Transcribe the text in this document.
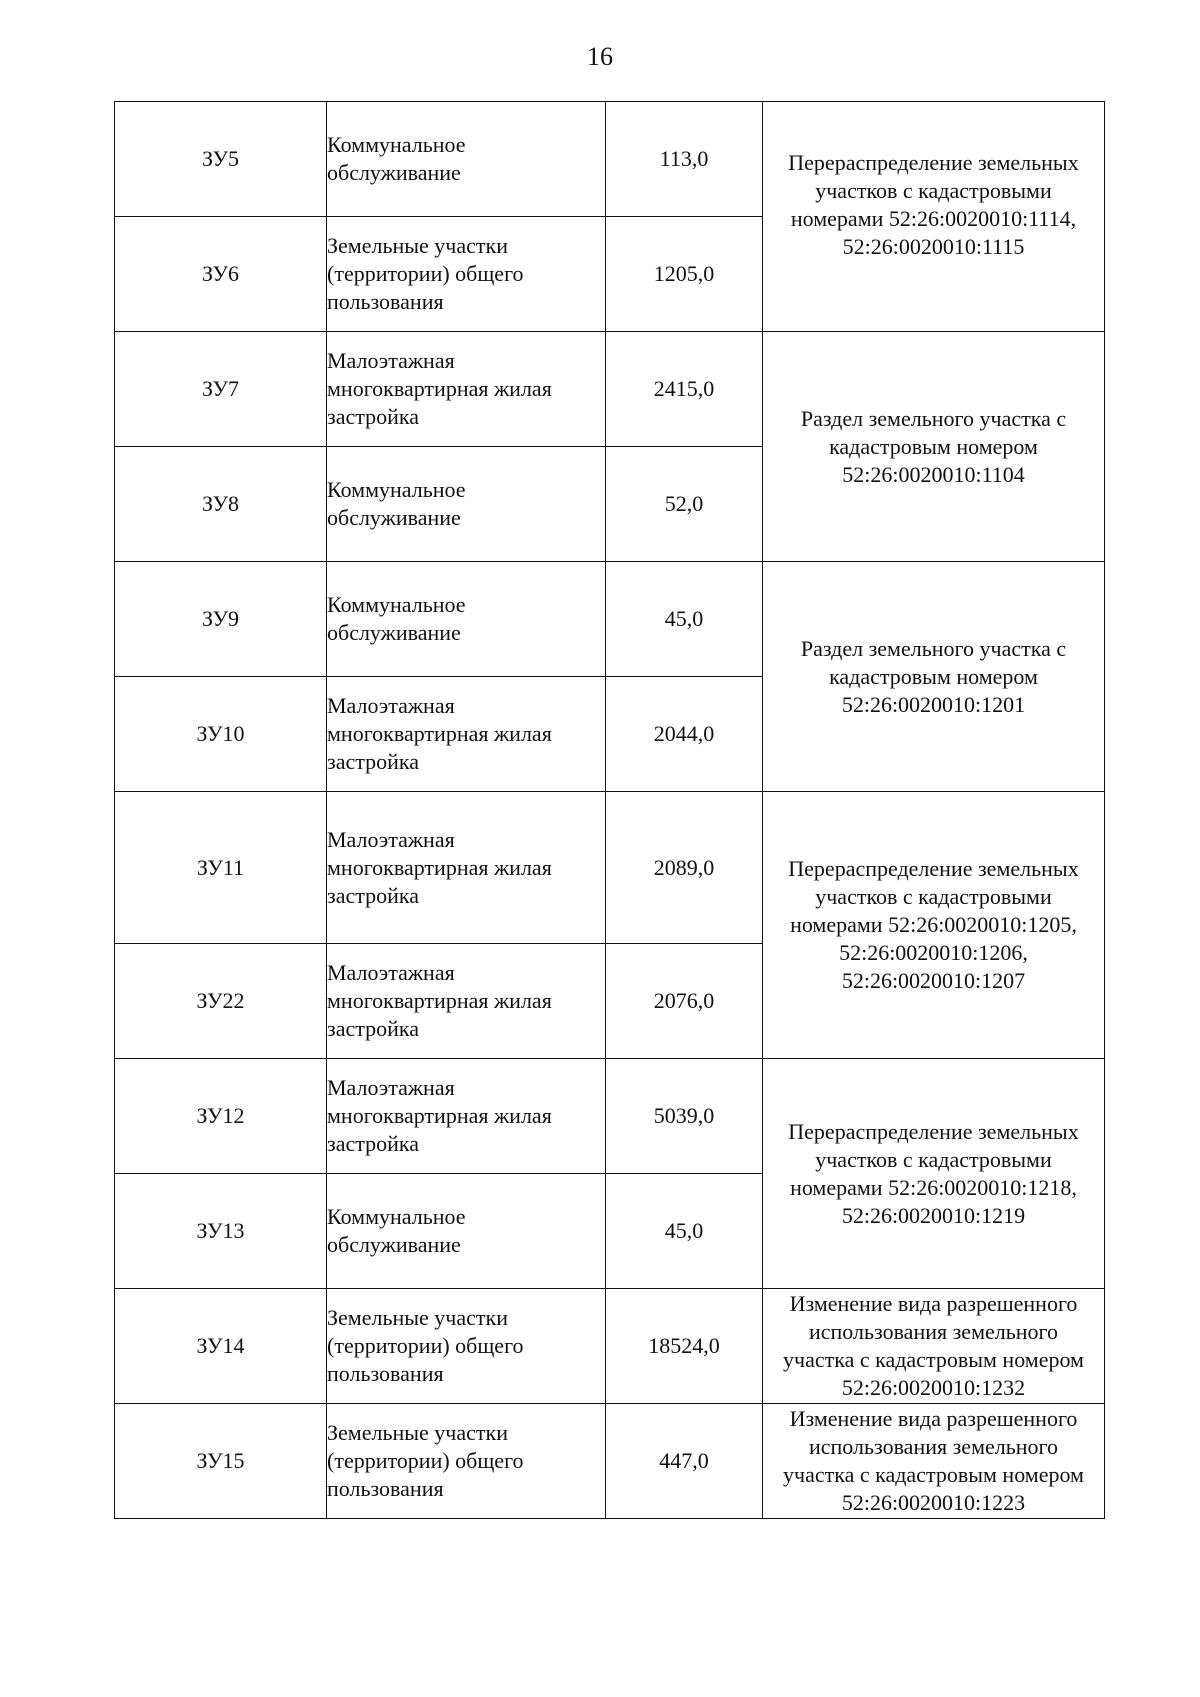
16
ЗУ5	Коммунальное
обслуживание	113,0	Перераспределение земельных
участков с кадастровыми
номерами 52:26:0020010:1114,
52:26:0020010:1115

ЗУ6	Земельные участки
(территории) общего
пользования	1205,0	
ЗУ7	Малоэтажная
многоквартирная жилая
застройка	2415,0	Раздел земельного участка с
кадастровым номером
52:26:0020010:1104

ЗУ8	Коммунальное
обслуживание	52,0	
ЗУ9	Коммунальное
обслуживание	45,0	Раздел земельного участка с
кадастровым номером
52:26:0020010:1201

ЗУ10	Малоэтажная
многоквартирная жилая
застройка	2044,0	
ЗУ11	Малоэтажная
многоквартирная жилая
застройка	2089,0	Перераспределение земельных
участков с кадастровыми
номерами 52:26:0020010:1205,
52:26:0020010:1206,
52:26:0020010:1207

ЗУ22	Малоэтажная
многоквартирная жилая
застройка	2076,0	
ЗУ12	Малоэтажная
многоквартирная жилая
застройка	5039,0	Перераспределение земельных
участков с кадастровыми
номерами 52:26:0020010:1218,
52:26:0020010:1219

ЗУ13	Коммунальное
обслуживание	45,0	
ЗУ14	Земельные участки
(территории) общего
пользования	18524,0	Изменение вида разрешенного
использования земельного
участка с кадастровым номером
52:26:0020010:1232

ЗУ15	Земельные участки
(территории) общего
пользования	447,0	Изменение вида разрешенного
использования земельного
участка с кадастровым номером
52:26:0020010:1223
